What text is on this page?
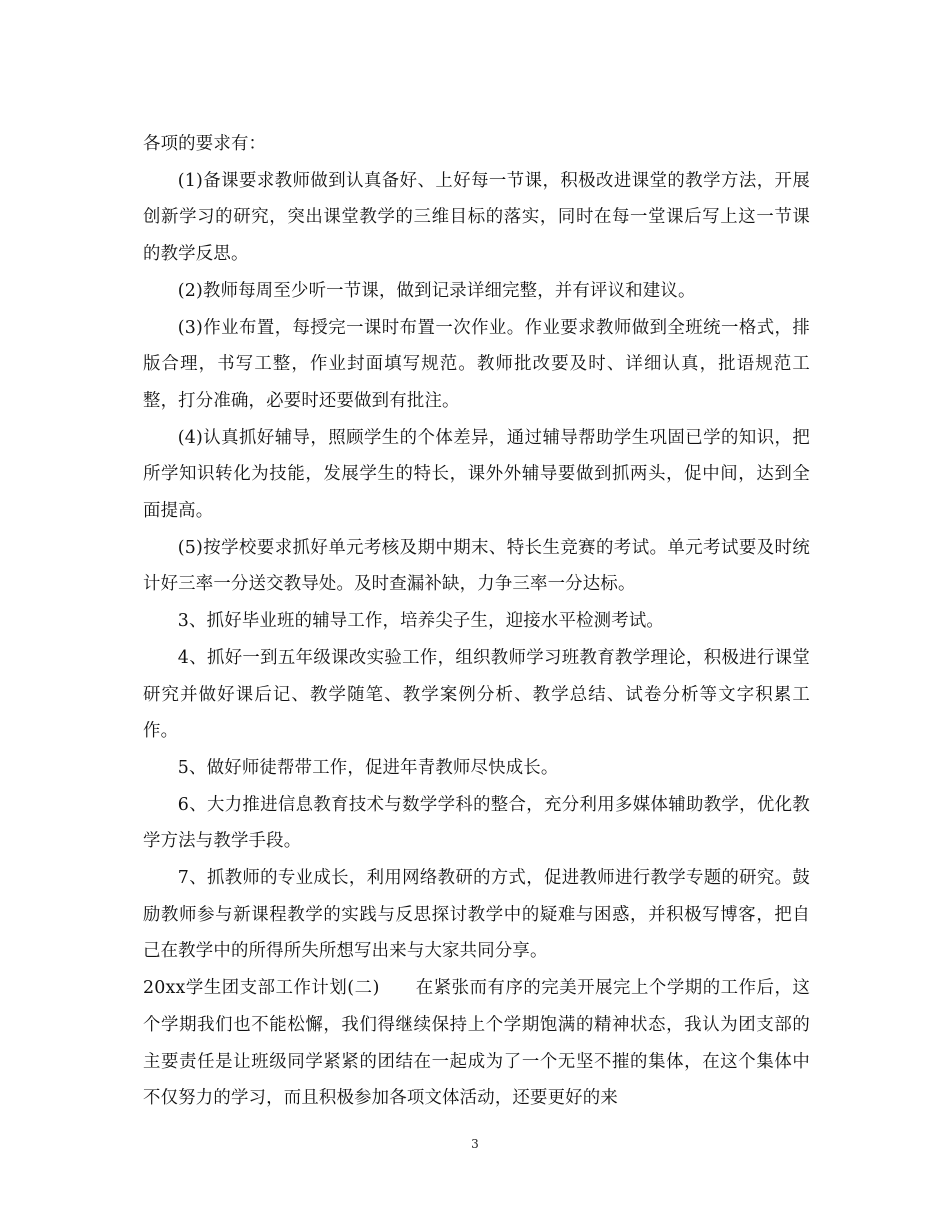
各项的要求有：

(1)备课要求教师做到认真备好、上好每一节课，积极改进课堂的教学方法，开展创新学习的研究，突出课堂教学的三维目标的落实，同时在每一堂课后写上这一节课的教学反思。

(2)教师每周至少听一节课，做到记录详细完整，并有评议和建议。

(3)作业布置，每授完一课时布置一次作业。作业要求教师做到全班统一格式，排版合理，书写工整，作业封面填写规范。教师批改要及时、详细认真，批语规范工整，打分准确，必要时还要做到有批注。

(4)认真抓好辅导，照顾学生的个体差异，通过辅导帮助学生巩固已学的知识，把所学知识转化为技能，发展学生的特长，课外外辅导要做到抓两头，促中间，达到全面提高。

(5)按学校要求抓好单元考核及期中期末、特长生竞赛的考试。单元考试要及时统计好三率一分送交教导处。及时查漏补缺，力争三率一分达标。

3、抓好毕业班的辅导工作，培养尖子生，迎接水平检测考试。

4、抓好一到五年级课改实验工作，组织教师学习班教育教学理论，积极进行课堂研究并做好课后记、教学随笔、教学案例分析、教学总结、试卷分析等文字积累工作。

5、做好师徒帮带工作，促进年青教师尽快成长。

6、大力推进信息教育技术与数学学科的整合，充分利用多媒体辅助教学，优化教学方法与教学手段。

7、抓教师的专业成长，利用网络教研的方式，促进教师进行教学专题的研究。鼓励教师参与新课程教学的实践与反思探讨教学中的疑难与困惑，并积极写博客，把自己在教学中的所得所失所想写出来与大家共同分享。

20xx学生团支部工作计划(二)　　在紧张而有序的完美开展完上个学期的工作后，这个学期我们也不能松懈，我们得继续保持上个学期饱满的精神状态，我认为团支部的主要责任是让班级同学紧紧的团结在一起成为了一个无坚不摧的集体，在这个集体中不仅努力的学习，而且积极参加各项文体活动，还要更好的来

3
